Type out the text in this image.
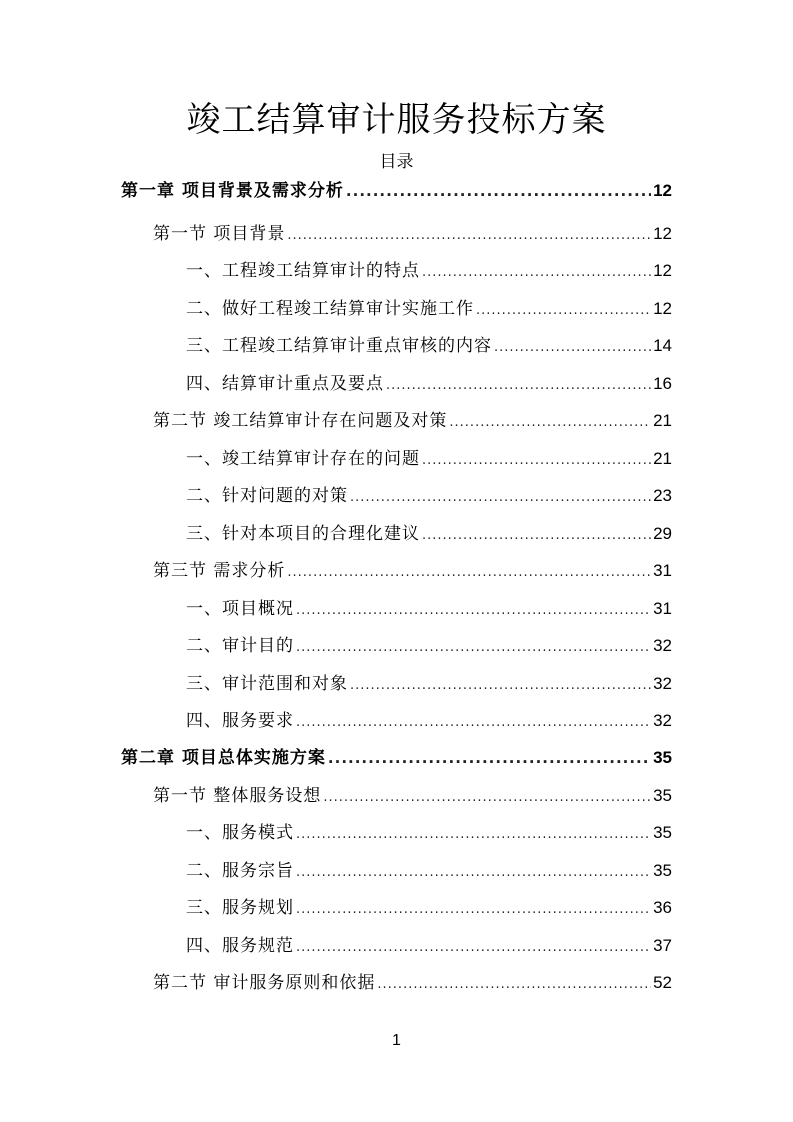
竣工结算审计服务投标方案
目录
第一章 项目背景及需求分析 .....	12
第一节 项目背景 .....	12
一、工程竣工结算审计的特点 .....	12
二、做好工程竣工结算审计实施工作 .....	12
三、工程竣工结算审计重点审核的内容 .....	14
四、结算审计重点及要点 .....	16
第二节 竣工结算审计存在问题及对策 .....	21
一、竣工结算审计存在的问题 .....	21
二、针对问题的对策 .....	23
三、针对本项目的合理化建议 .....	29
第三节 需求分析 .....	31
一、项目概况 .....	31
二、审计目的 .....	32
三、审计范围和对象 .....	32
四、服务要求 .....	32
第二章 项目总体实施方案 .....	35
第一节 整体服务设想 .....	35
一、服务模式 .....	35
二、服务宗旨 .....	35
三、服务规划 .....	36
四、服务规范 .....	37
第二节 审计服务原则和依据 .....	52
1
